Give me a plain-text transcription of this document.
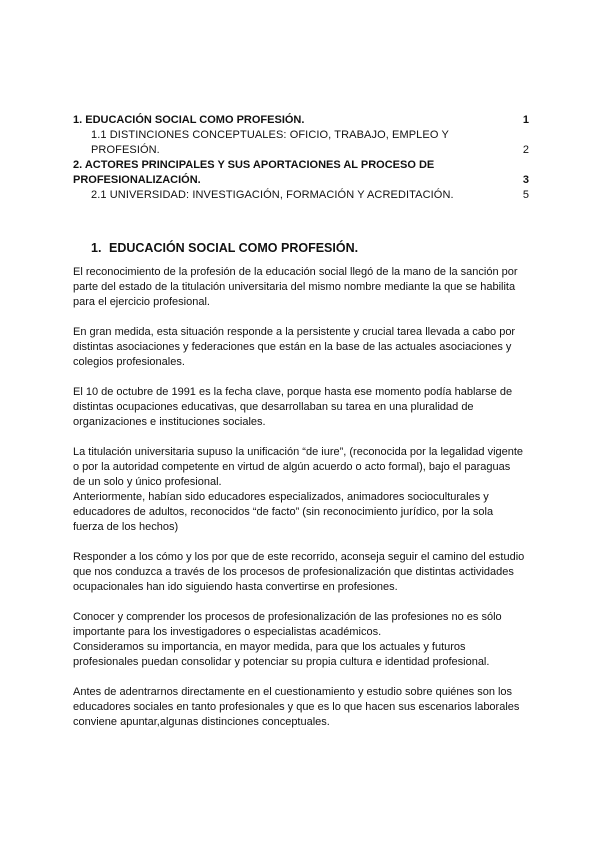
1. EDUCACIÓN SOCIAL COMO PROFESIÓN.	1
1.1 DISTINCIONES CONCEPTUALES: OFICIO, TRABAJO, EMPLEO Y PROFESIÓN.	2
2. ACTORES PRINCIPALES Y SUS APORTACIONES AL PROCESO DE
PROFESIONALIZACIÓN.	3
2.1 UNIVERSIDAD: INVESTIGACIÓN, FORMACIÓN Y ACREDITACIÓN.	5
1. EDUCACIÓN SOCIAL COMO PROFESIÓN.

El reconocimiento de la profesión de la educación social llegó de la mano de la sanción por
parte del estado de la titulación universitaria del mismo nombre mediante la que se habilita
para el ejercicio profesional.

En gran medida, esta situación responde a la persistente y crucial tarea llevada a cabo por
distintas asociaciones y federaciones que están en la base de las actuales asociaciones y
colegios profesionales.

El 10 de octubre de 1991 es la fecha clave, porque hasta ese momento podía hablarse de
distintas ocupaciones educativas, que desarrollaban su tarea en una pluralidad de
organizaciones e instituciones sociales.

La titulación universitaria supuso la unificación “de iure”, (reconocida por la legalidad vigente
o por la autoridad competente en virtud de algún acuerdo o acto formal), bajo el paraguas
de un solo y único profesional.

Anteriormente, habían sido educadores especializados, animadores socioculturales y
educadores de adultos, reconocidos “de facto” (sin reconocimiento jurídico, por la sola
fuerza de los hechos)

Responder a los cómo y los por que de este recorrido, aconseja seguir el camino del estudio
que nos conduzca a través de los procesos de profesionalización que distintas actividades
ocupacionales han ido siguiendo hasta convertirse en profesiones.

Conocer y comprender los procesos de profesionalización de las profesiones no es sólo
importante para los investigadores o especialistas académicos.

Consideramos su importancia, en mayor medida, para que los actuales y futuros
profesionales puedan consolidar y potenciar su propia cultura e identidad profesional.

Antes de adentrarnos directamente en el cuestionamiento y estudio sobre quiénes son los
educadores sociales en tanto profesionales y que es lo que hacen sus escenarios laborales
conviene apuntar,algunas distinciones conceptuales.
